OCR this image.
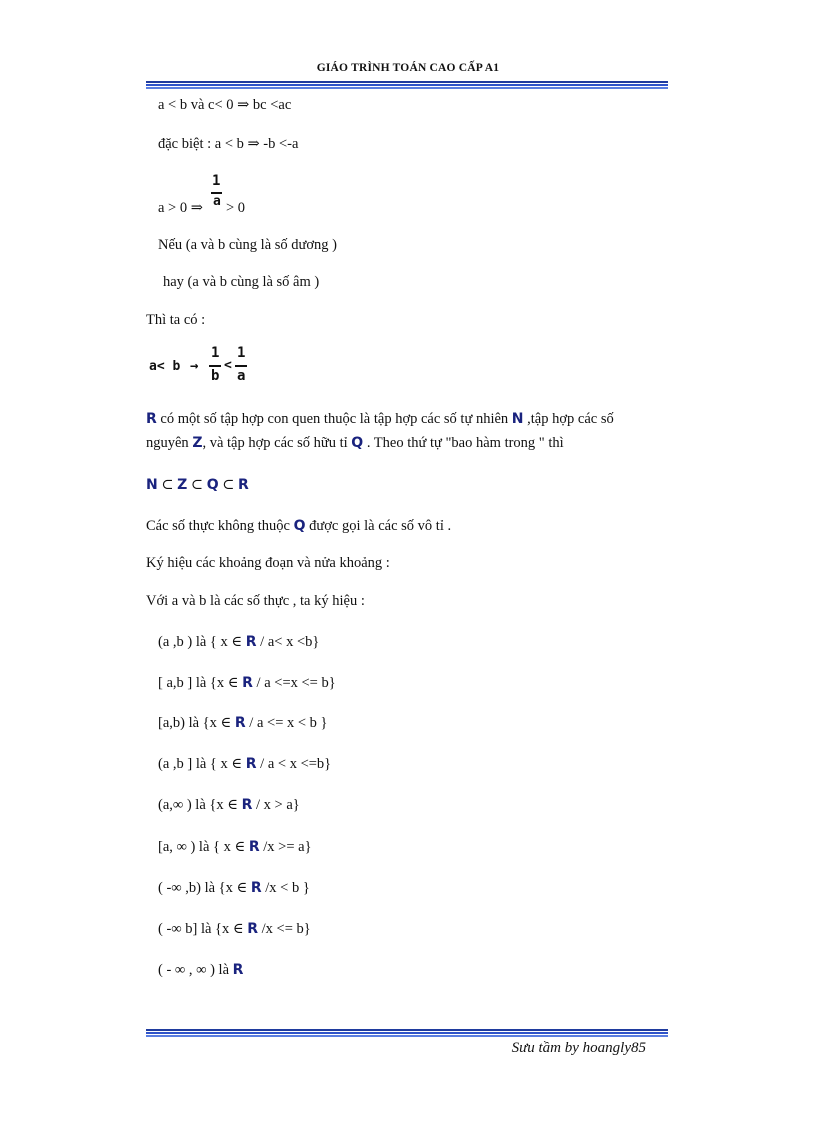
GIÁO TRÌNH TOÁN CAO CẤP A1
a < b và c< 0 ⇒ bc <ac
đặc biệt : a < b ⇒ -b <-a
a > 0 ⇒
1
a > 0
Nếu (a và b cùng là số dương )
hay (a và b cùng là số âm )
Thì ta có :
a< b →
1
b
<
1
a
R có một số tập hợp con quen thuộc là tập hợp các số tự nhiên N ,tập hợp các số
nguyên Z, và tập hợp các số hữu tỉ Q . Theo thứ tự "bao hàm trong " thì
N ⊂ Z ⊂ Q ⊂ R
Các số thực không thuộc Q được gọi là các số vô tỉ .
Ký hiệu các khoảng đoạn và nửa khoảng :
Với a và b là các số thực , ta ký hiệu :
(a ,b ) là { x ∈ R / a< x <b}
[ a,b ] là {x ∈ R / a <=x <= b}
[a,b) là {x ∈ R / a <= x < b }
(a ,b ] là { x ∈ R / a < x <=b}
(a,∞ ) là {x ∈ R / x > a}
[a, ∞ ) là { x ∈ R /x >= a}
( -∞ ,b) là {x ∈ R /x < b }
( -∞ b] là {x ∈ R /x <= b}
( - ∞ , ∞ ) là R
Sưu tầm by hoangly85
